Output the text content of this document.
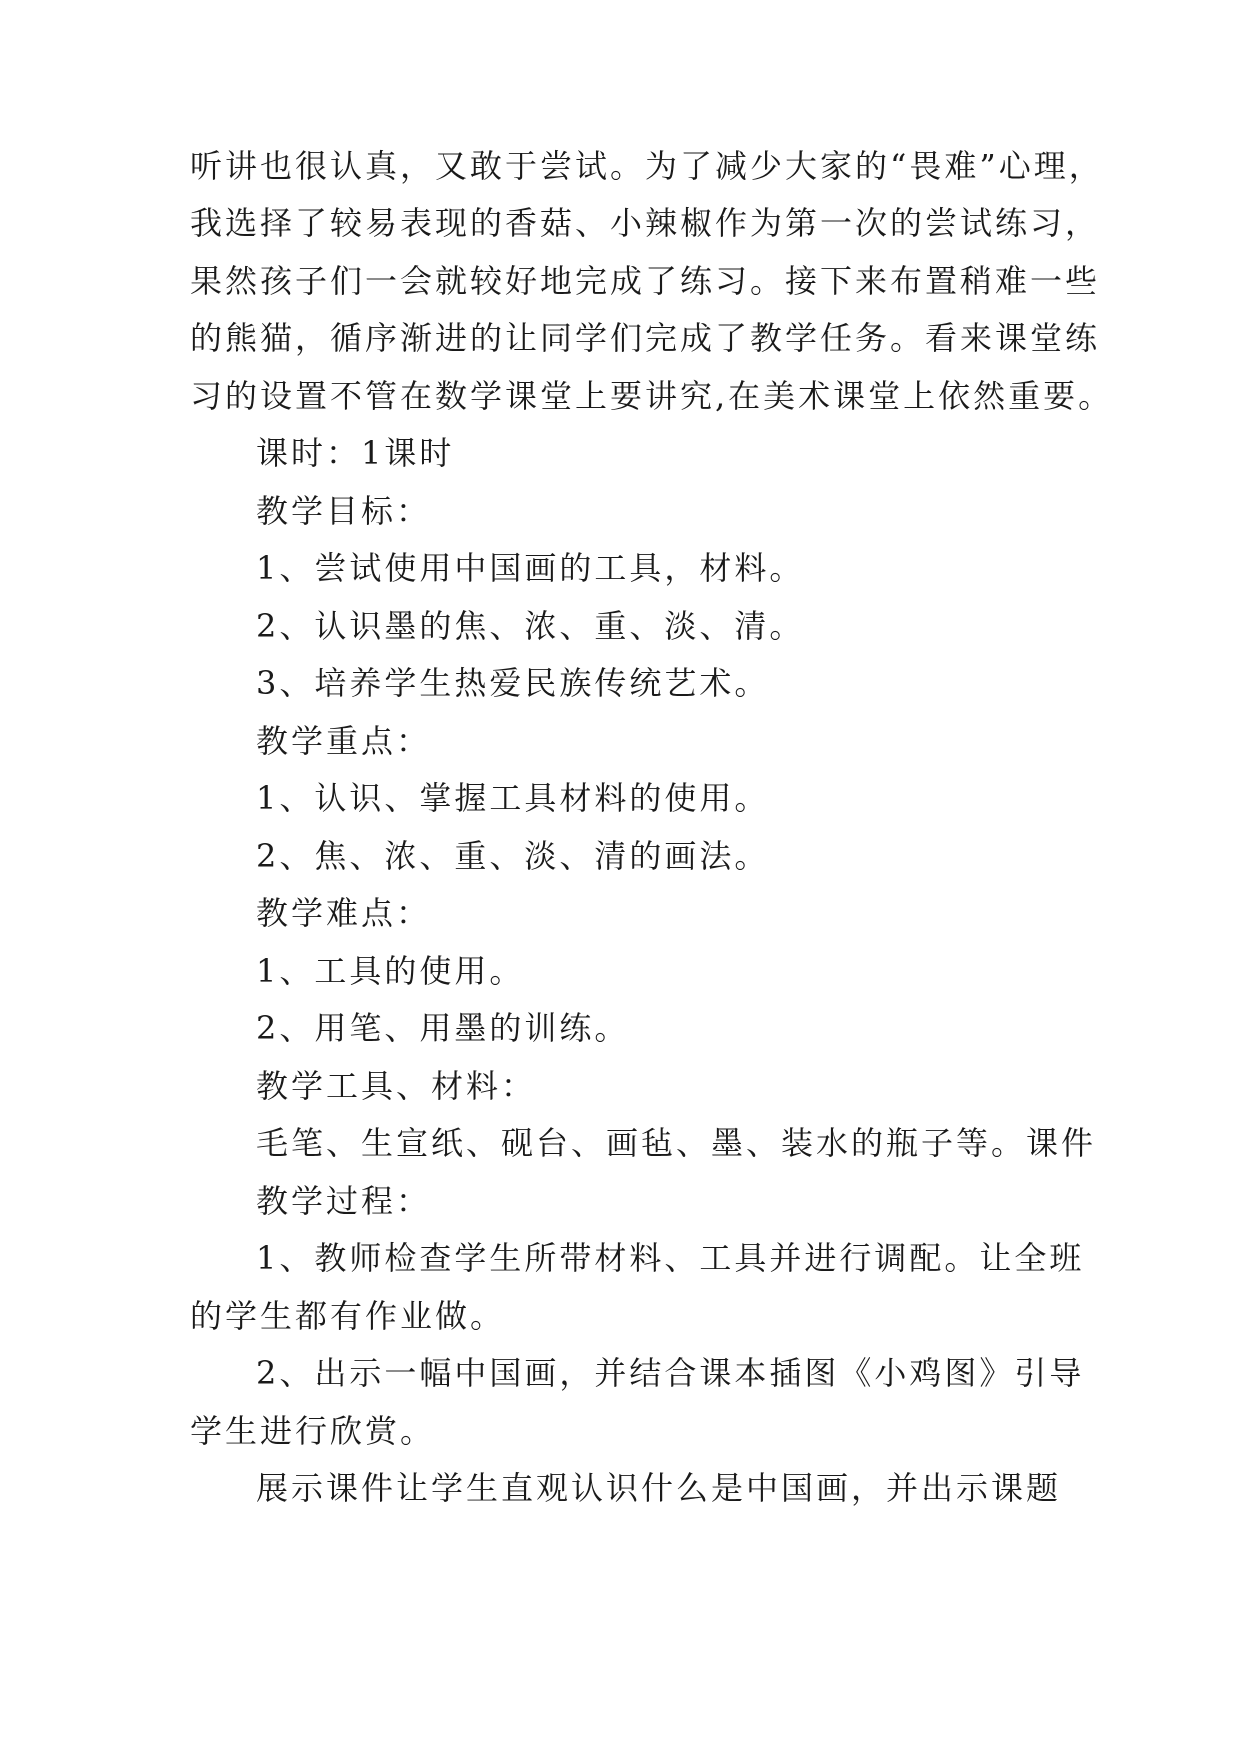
听讲也很认真，又敢于尝试。为了减少大家的“畏难”心理，
我选择了较易表现的香菇、小辣椒作为第一次的尝试练习，
果然孩子们一会就较好地完成了练习。接下来布置稍难一些
的熊猫，循序渐进的让同学们完成了教学任务。看来课堂练
习的设置不管在数学课堂上要讲究,在美术课堂上依然重要。
课时：1课时
教学目标：
1、尝试使用中国画的工具，材料。
2、认识墨的焦、浓、重、淡、清。
3、培养学生热爱民族传统艺术。
教学重点：
1、认识、掌握工具材料的使用。
2、焦、浓、重、淡、清的画法。
教学难点：
1、工具的使用。
2、用笔、用墨的训练。
教学工具、材料：
毛笔、生宣纸、砚台、画毡、墨、装水的瓶子等。课件
教学过程：
1、教师检查学生所带材料、工具并进行调配。让全班
的学生都有作业做。
2、出示一幅中国画，并结合课本插图《小鸡图》引导
学生进行欣赏。
展示课件让学生直观认识什么是中国画，并出示课题
